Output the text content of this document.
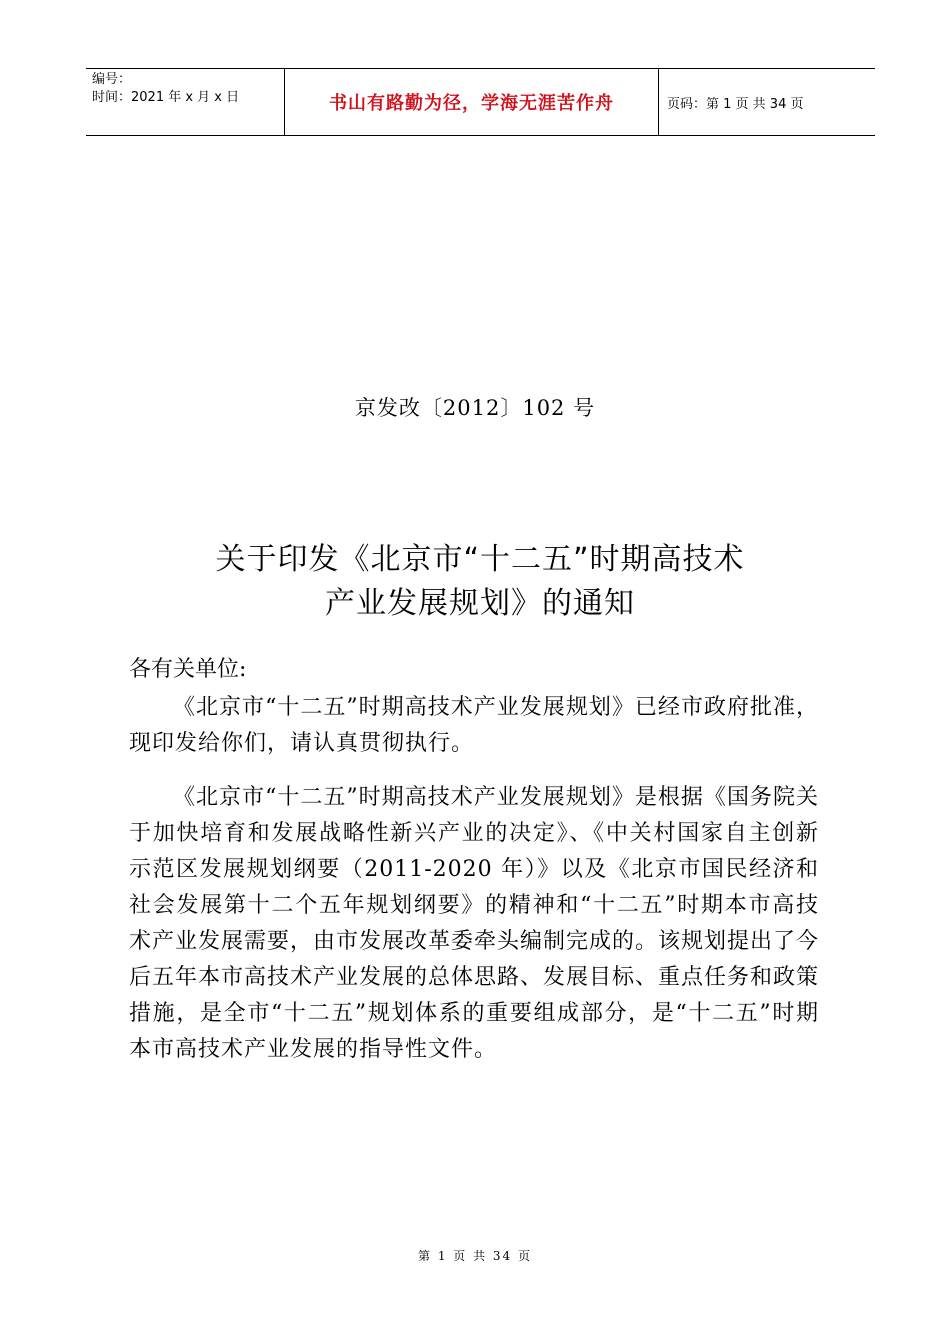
编号：
时间：2021 年 x 月 x 日	书山有路勤为径，学海无涯苦作舟	页码：第 1 页 共 34 页
京发改〔2012〕102 号
关于印发《北京市“十二五”时期高技术
产业发展规划》的通知
各有关单位:

《北京市“十二五”时期高技术产业发展规划》已经市政府批准，现印发给你们，请认真贯彻执行。

《北京市“十二五”时期高技术产业发展规划》是根据《国务院关于加快培育和发展战略性新兴产业的决定》、《中关村国家自主创新示范区发展规划纲要（2011-2020 年）》以及《北京市国民经济和社会发展第十二个五年规划纲要》的精神和“十二五”时期本市高技术产业发展需要，由市发展改革委牵头编制完成的。该规划提出了今后五年本市高技术产业发展的总体思路、发展目标、重点任务和政策措施，是全市“十二五”规划体系的重要组成部分，是“十二五”时期本市高技术产业发展的指导性文件。

第 1 页 共 34 页
